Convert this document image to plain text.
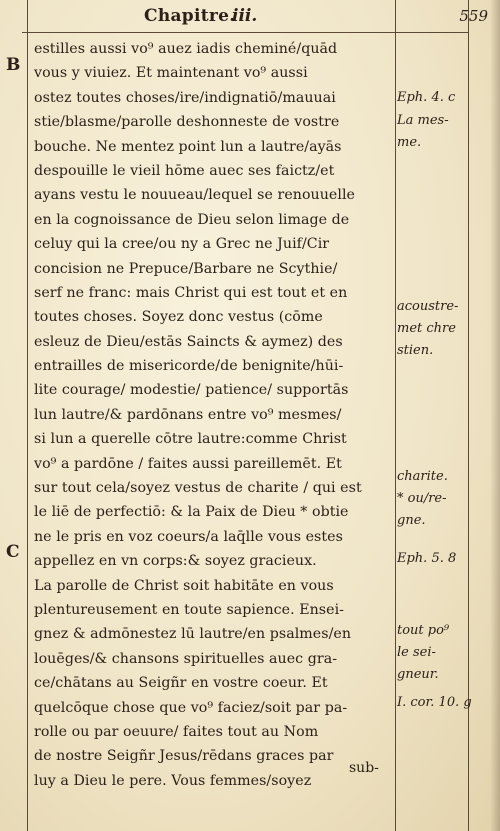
Chapitre.
iii.	559
B
C
estilles aussi vo⁹ auez iadis cheminé/quād
vous y viuiez. Et maintenant vo⁹ aussi
ostez toutes choses/ire/indignatiō/mauuai
stie/blasme/parolle deshonneste de vostre
bouche. Ne mentez point lun a lautre/ayās
despouille le vieil hōme auec ses faictz/et
ayans vestu le nouueau/lequel se renouuelle
en la cognoissance de Dieu selon limage de
celuy qui la cree/ou ny a Grec ne Juif/Cir
concision ne Prepuce/Barbare ne Scythie/
serf ne franc: mais Christ qui est tout et en
toutes choses. Soyez donc vestus (cōme
esleuz de Dieu/estās Saincts & aymez) des
entrailles de misericorde/de benignite/hūi-
lite courage/ modestie/ patience/ supportās
lun lautre/& pardōnans entre vo⁹ mesmes/
si lun a querelle cōtre lautre:comme Christ
vo⁹ a pardōne / faites aussi pareillemēt. Et
sur tout cela/soyez vestus de charite / qui est
le liē de perfectiō: & la Paix de Dieu * obtie
ne le pris en voz coeurs/a laq̄lle vous estes
appellez en vn corps:& soyez gracieux.
La parolle de Christ soit habitāte en vous
plentureusement en toute sapience. Ensei-
gnez & admōnestez lū lautre/en psalmes/en
louēges/& chansons spirituelles auec gra-
ce/chātans au Seigñr en vostre coeur. Et
quelcōque chose que vo⁹ faciez/soit par pa-
rolle ou par oeuure/ faites tout au Nom
de nostre Seigñr Jesus/rēdans graces par
luy a Dieu le pere. Vous femmes/soyez
Eph. 4. c
La mes-
me.
acoustre-
met chre
stien.
charite.
* ou/re-
gne.
Eph. 5. 8
tout po⁹
le sei-
gneur.
I. cor. 10. g
sub-
